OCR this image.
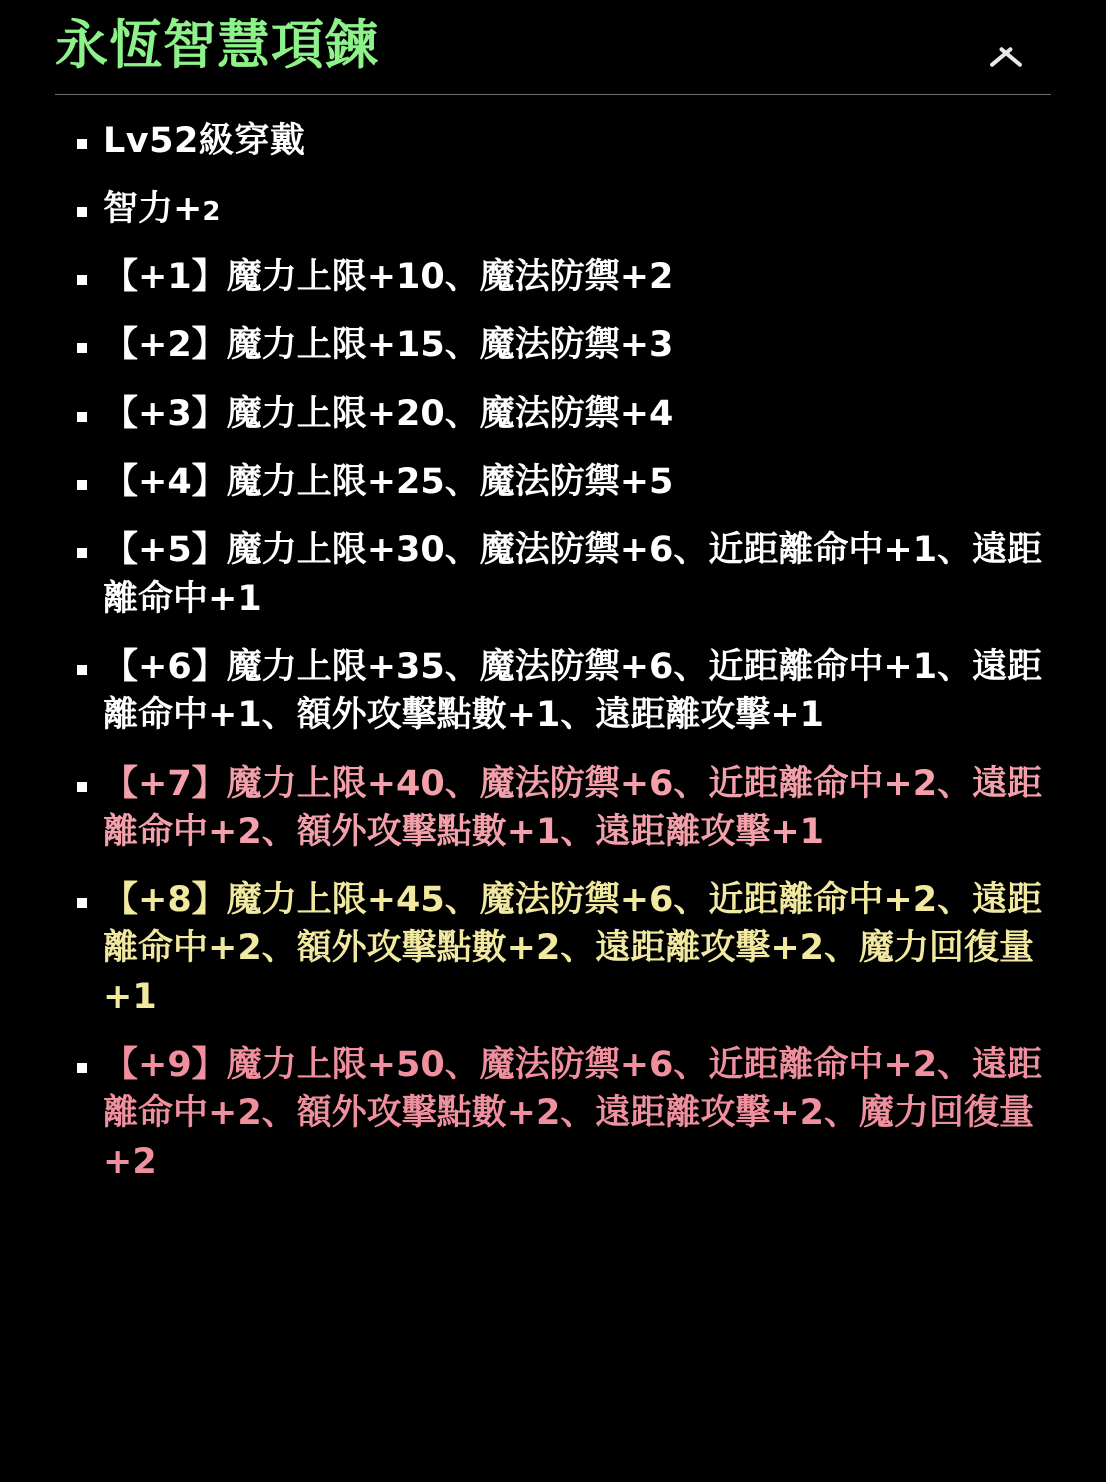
永恆智慧項鍊
Lv52級穿戴
智力+2
【+1】魔力上限+10、魔法防禦+2
【+2】魔力上限+15、魔法防禦+3
【+3】魔力上限+20、魔法防禦+4
【+4】魔力上限+25、魔法防禦+5
【+5】魔力上限+30、魔法防禦+6、近距離命中+1、遠距離命中+1
【+6】魔力上限+35、魔法防禦+6、近距離命中+1、遠距離命中+1、額外攻擊點數+1、遠距離攻擊+1
【+7】魔力上限+40、魔法防禦+6、近距離命中+2、遠距離命中+2、額外攻擊點數+1、遠距離攻擊+1
【+8】魔力上限+45、魔法防禦+6、近距離命中+2、遠距離命中+2、額外攻擊點數+2、遠距離攻擊+2、魔力回復量+1
【+9】魔力上限+50、魔法防禦+6、近距離命中+2、遠距離命中+2、額外攻擊點數+2、遠距離攻擊+2、魔力回復量+2
